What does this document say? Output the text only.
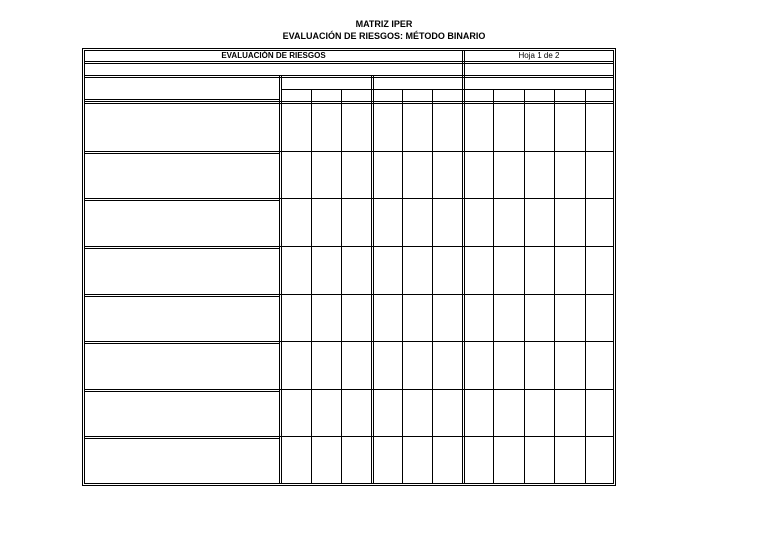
MATRIZ IPER
EVALUACIÓN DE RIESGOS: MÉTODO BINARIO
EVALUACIÓN DE RIESGOS	Hoja 1 de 2
